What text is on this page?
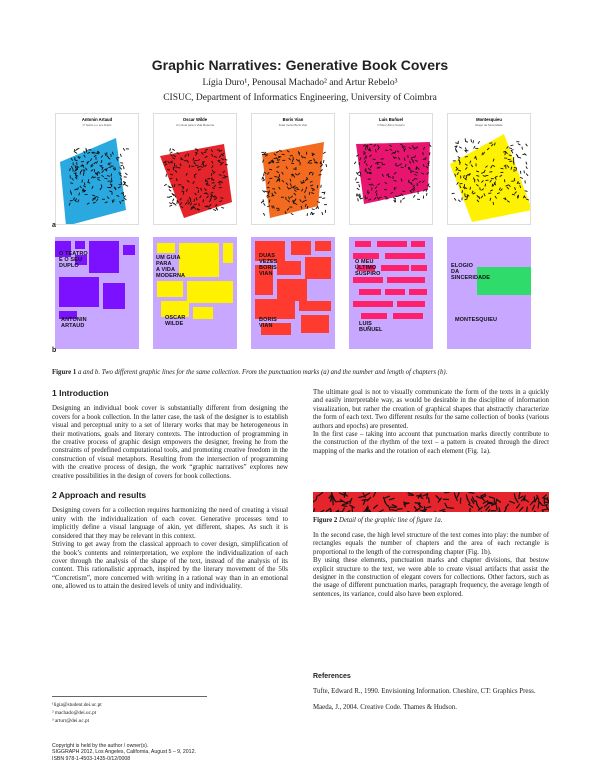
Graphic Narratives: Generative Book Covers
Lígia Duro¹, Penousal Machado² and Artur Rebelo³
CISUC, Department of Informatics Engineering, University of Coimbra
Antonin Artaud
O Teatro e o seu Duplo
Oscar Wilde
Um Guia para a Vida Moderna
Boris Vian
Duas Vezes Boris Vian
Luis Buñuel
O Meu Último Suspiro
Montesquieu
Elogio da Sinceridade
O TEATRO
E O SEU
DUPLO
ANTONIN
ARTAUD
UM GUIA
PARA
A VIDA
MODERNA
OSCAR
WILDE
DUAS
VEZES
BORIS
VIAN
BORIS
VIAN
O MEU
ÚLTIMO
SUSPIRO
LUIS
BUÑUEL
ELOGIO
DA
SINCERIDADE
MONTESQUIEU
a
b
Figure 1 a and b. Two different graphic lines for the same collection. From the punctuation marks (a) and the number and length of chapters (b).
1 Introduction

Designing an individual book cover is substantially different from designing the covers for a book collection. In the latter case, the task of the designer is to establish visual and perceptual unity to a set of literary works that may be heterogeneous in their motivations, goals and literary contexts. The introduction of programming in the creative process of graphic design empowers the designer, freeing he from the constraints of predefined computational tools, and promoting creative freedom in the construction of visual metaphors. Resulting from the intersection of programming with the creative process of design, the work “graphic narratives” explores new creative possibilities in the design of covers for book collections.

2 Approach and results

Designing covers for a collection requires harmonizing the need of creating a visual unity with the individualization of each cover. Generative processes tend to implicitly define a visual language of akin, yet different, shapes. As such it is considered that they may be relevant in this context.

Striving to get away from the classical approach to cover design, simplification of the book’s contents and reinterpretation, we explore the individualization of each cover through the analysis of the shape of the text, instead of the analysis of its content. This rationalistic approach, inspired by the literary movement of the 50s “Concretism”, more concerned with writing in a rational way than in an emotional one, allowed us to attain the desired levels of unity and individuality.

¹ligia@student.dei.uc.pt
² machado@dei.uc.pt
³ arturr@dei.uc.pt
Copyright is held by the author / owner(s).
SIGGRAPH 2012, Los Angeles, California, August 5 – 9, 2012.
ISBN 978-1-4503-1435-0/12/0008

The ultimate goal is not to visually communicate the form of the texts in a quickly and easily interpretable way, as would be desirable in the discipline of information visualization, but rather the creation of graphical shapes that abstractly characterize the form of each text. Two different results for the same collection of books (various authors and epochs) are presented.

In the first case – taking into account that punctuation marks directly contribute to the construction of the rhythm of the text – a pattern is created through the direct mapping of the marks and the rotation of each element (Fig. 1a).

Figure 2 Detail of the graphic line of figure 1a.

In the second case, the high level structure of the text comes into play: the number of rectangles equals the number of chapters and the area of each rectangle is proportional to the length of the corresponding chapter (Fig. 1b).

By using these elements, punctuation marks and chapter divisions, that bestow explicit structure to the text, we were able to create visual artifacts that assist the designer in the construction of elegant covers for collections. Other factors, such as the usage of different punctuation marks, paragraph frequency, the average length of sentences, its variance, could also have been explored.

References
Tufte, Edward R., 1990. Envisioning Information. Cheshire, CT: Graphics Press.
Maeda, J., 2004. Creative Code. Thames & Hudson.
